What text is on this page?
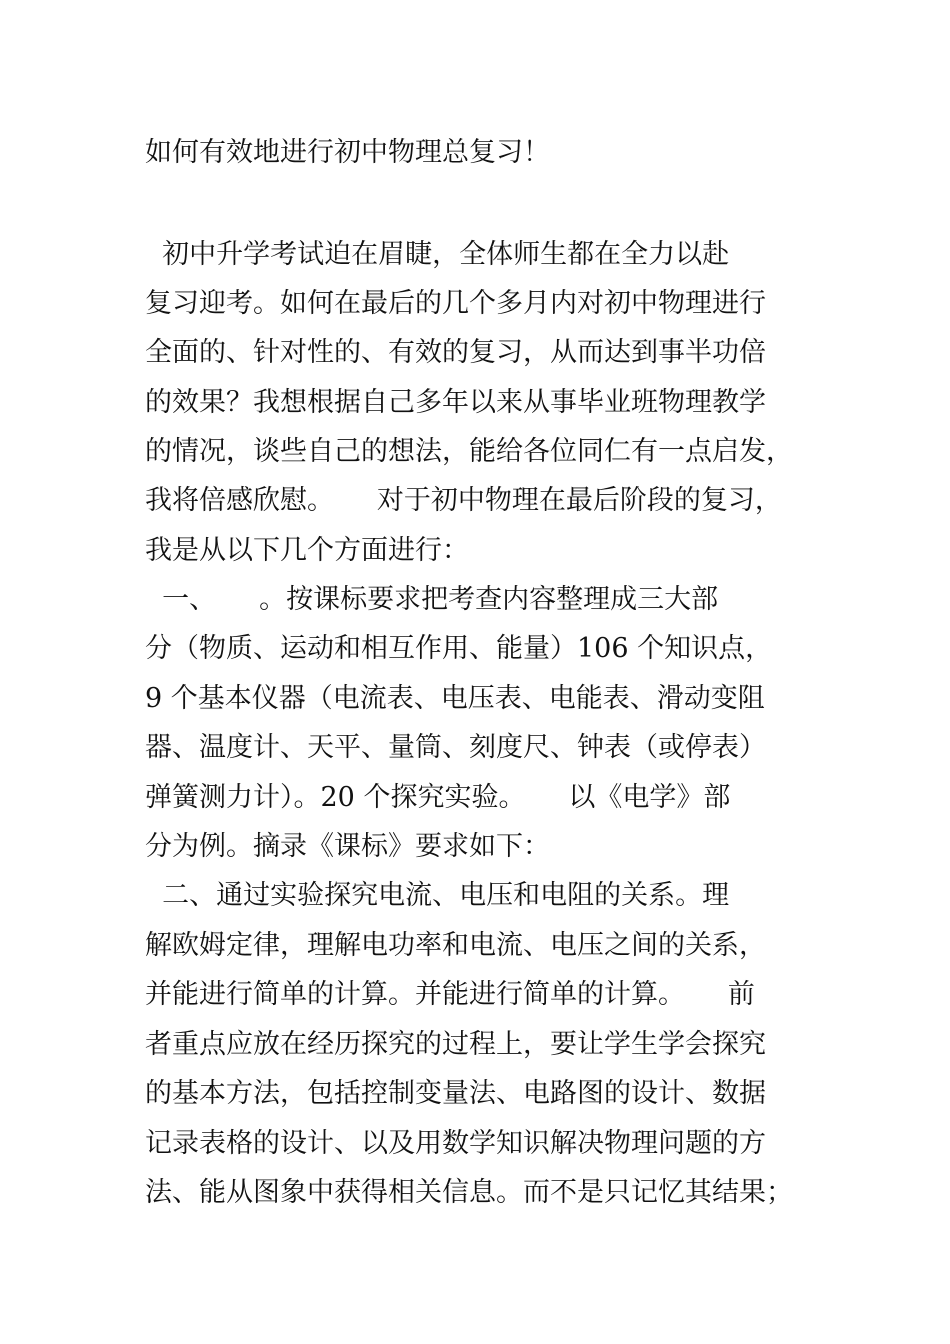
如何有效地进行初中物理总复习！
初中升学考试迫在眉睫，全体师生都在全力以赴
复习迎考。如何在最后的几个多月内对初中物理进行
全面的、针对性的、有效的复习，从而达到事半功倍
的效果？我想根据自己多年以来从事毕业班物理教学
的情况，谈些自己的想法，能给各位同仁有一点启发，
我将倍感欣慰。     对于初中物理在最后阶段的复习，
我是从以下几个方面进行：
一、     。按课标要求把考查内容整理成三大部
分（物质、运动和相互作用、能量）106 个知识点，
9 个基本仪器（电流表、电压表、电能表、滑动变阻
器、温度计、天平、量筒、刻度尺、钟表（或停表）
弹簧测力计）。20 个探究实验。     以《电学》部
分为例。摘录《课标》要求如下：
二、通过实验探究电流、电压和电阻的关系。理
解欧姆定律，理解电功率和电流、电压之间的关系，
并能进行简单的计算。并能进行简单的计算。     前
者重点应放在经历探究的过程上，要让学生学会探究
的基本方法，包括控制变量法、电路图的设计、数据
记录表格的设计、以及用数学知识解决物理问题的方
法、能从图象中获得相关信息。而不是只记忆其结果；
